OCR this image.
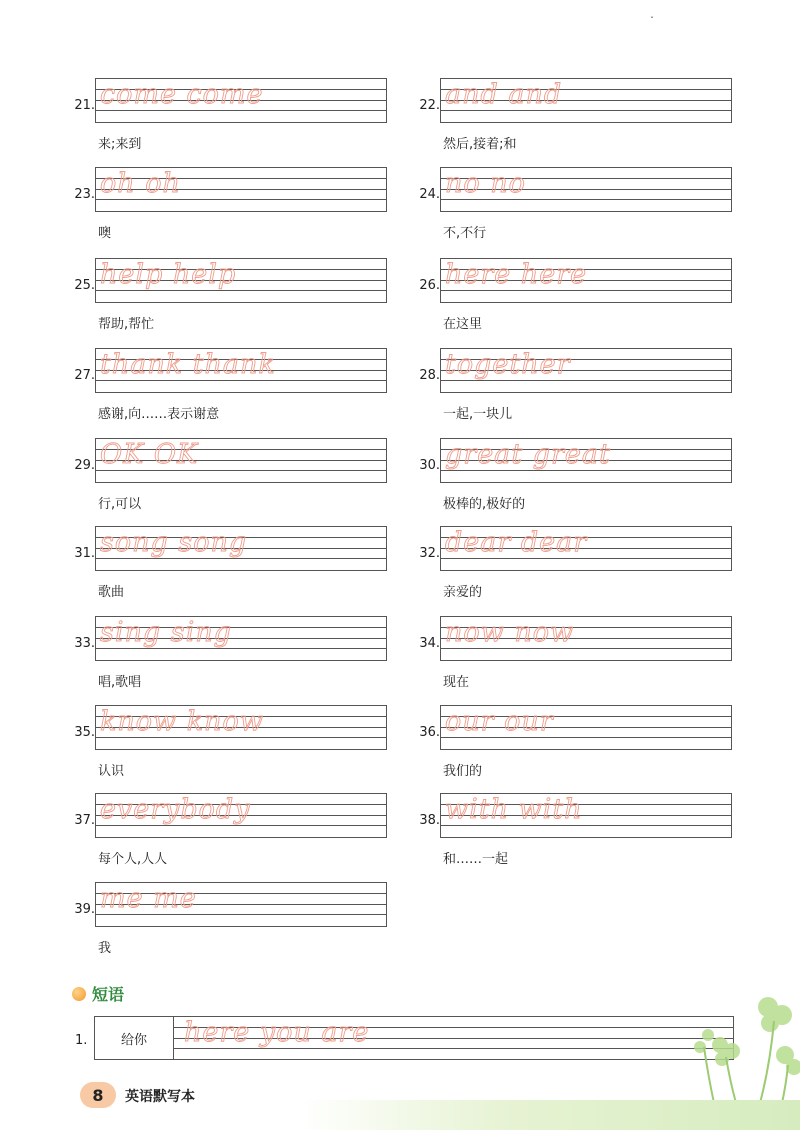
ˇ
21. come come
来;来到
23. oh oh
噢
25. help help
帮助,帮忙
27. thank thank
感谢,向……表示谢意
29. OK OK
行,可以
31. song song
歌曲
33. sing sing
唱,歌唱
35. know know
认识
37. everybody
每个人,人人
39. me me
我
22. and and
然后,接着;和
24. no no
不,不行
26. here here
在这里
28. together
一起,一块儿
30. great great
极棒的,极好的
32. dear dear
亲爱的
34. now now
现在
36. our our
我们的
38. with with
和……一起
短语
1.	给你 here you are
8 英语默写本
